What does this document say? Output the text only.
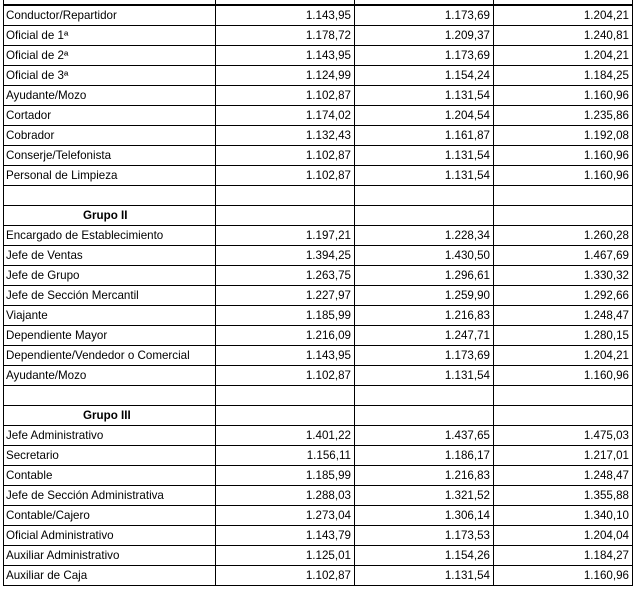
Conductor/Repartidor	1.143,95	1.173,69	1.204,21
Oficial de 1ª	1.178,72	1.209,37	1.240,81
Oficial de 2ª	1.143,95	1.173,69	1.204,21
Oficial de 3ª	1.124,99	1.154,24	1.184,25
Ayudante/Mozo	1.102,87	1.131,54	1.160,96
Cortador	1.174,02	1.204,54	1.235,86
Cobrador	1.132,43	1.161,87	1.192,08
Conserje/Telefonista	1.102,87	1.131,54	1.160,96
Personal de Limpieza	1.102,87	1.131,54	1.160,96

Grupo II			
Encargado de Establecimiento	1.197,21	1.228,34	1.260,28
Jefe de Ventas	1.394,25	1.430,50	1.467,69
Jefe de Grupo	1.263,75	1.296,61	1.330,32
Jefe de Sección Mercantil	1.227,97	1.259,90	1.292,66
Viajante	1.185,99	1.216,83	1.248,47
Dependiente Mayor	1.216,09	1.247,71	1.280,15
Dependiente/Vendedor o Comercial	1.143,95	1.173,69	1.204,21
Ayudante/Mozo	1.102,87	1.131,54	1.160,96

Grupo III			
Jefe Administrativo	1.401,22	1.437,65	1.475,03
Secretario	1.156,11	1.186,17	1.217,01
Contable	1.185,99	1.216,83	1.248,47
Jefe de Sección Administrativa	1.288,03	1.321,52	1.355,88
Contable/Cajero	1.273,04	1.306,14	1.340,10
Oficial Administrativo	1.143,79	1.173,53	1.204,04
Auxiliar Administrativo	1.125,01	1.154,26	1.184,27
Auxiliar de Caja	1.102,87	1.131,54	1.160,96
